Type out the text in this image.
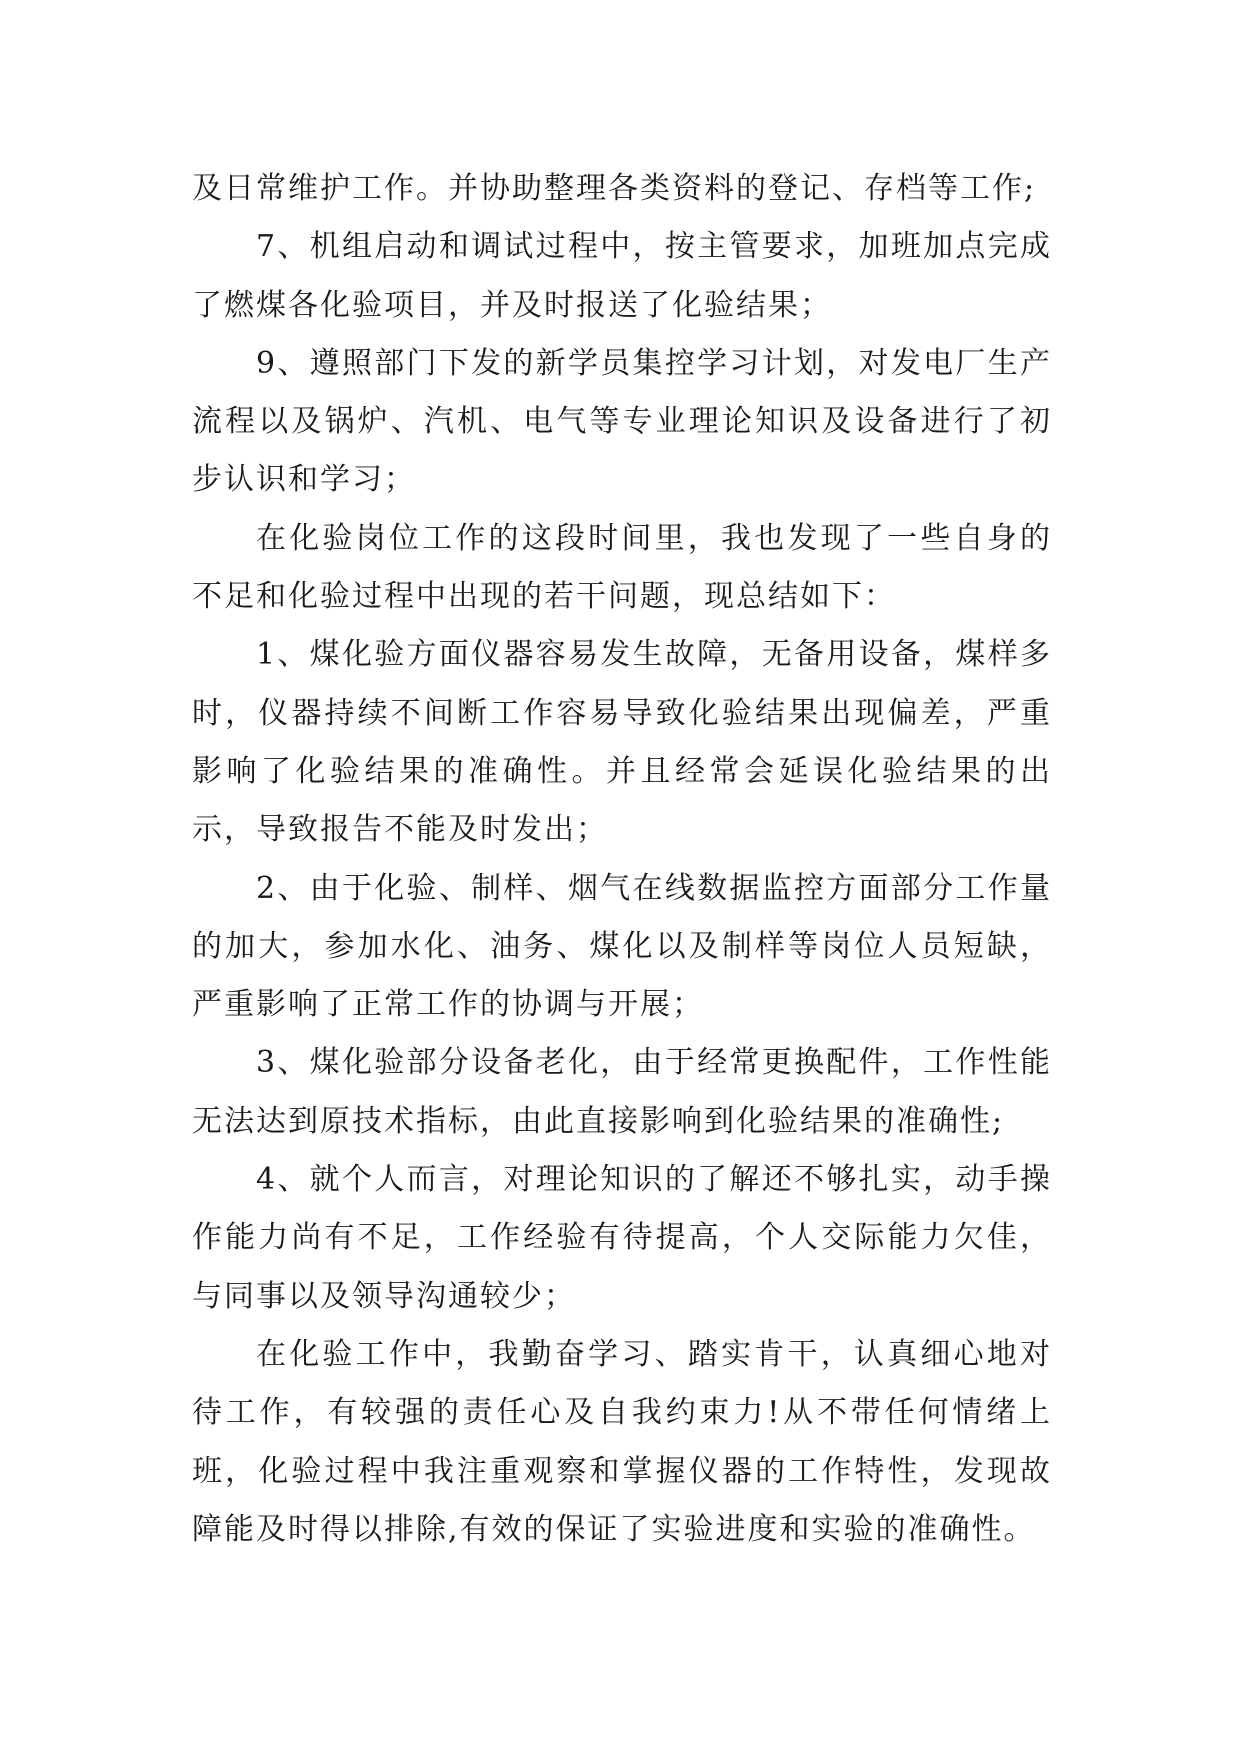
及日常维护工作。并协助整理各类资料的登记、存档等工作;

7、机组启动和调试过程中，按主管要求，加班加点完成了燃煤各化验项目，并及时报送了化验结果；

9、遵照部门下发的新学员集控学习计划，对发电厂生产流程以及锅炉、汽机、电气等专业理论知识及设备进行了初步认识和学习；

在化验岗位工作的这段时间里，我也发现了一些自身的不足和化验过程中出现的若干问题，现总结如下：

1、煤化验方面仪器容易发生故障，无备用设备，煤样多时，仪器持续不间断工作容易导致化验结果出现偏差，严重影响了化验结果的准确性。并且经常会延误化验结果的出示，导致报告不能及时发出；

2、由于化验、制样、烟气在线数据监控方面部分工作量的加大，参加水化、油务、煤化以及制样等岗位人员短缺，严重影响了正常工作的协调与开展；

3、煤化验部分设备老化，由于经常更换配件，工作性能无法达到原技术指标，由此直接影响到化验结果的准确性;

4、就个人而言，对理论知识的了解还不够扎实，动手操作能力尚有不足，工作经验有待提高，个人交际能力欠佳，与同事以及领导沟通较少；

在化验工作中，我勤奋学习、踏实肯干，认真细心地对待工作，有较强的责任心及自我约束力!从不带任何情绪上班，化验过程中我注重观察和掌握仪器的工作特性，发现故障能及时得以排除,有效的保证了实验进度和实验的准确性。
